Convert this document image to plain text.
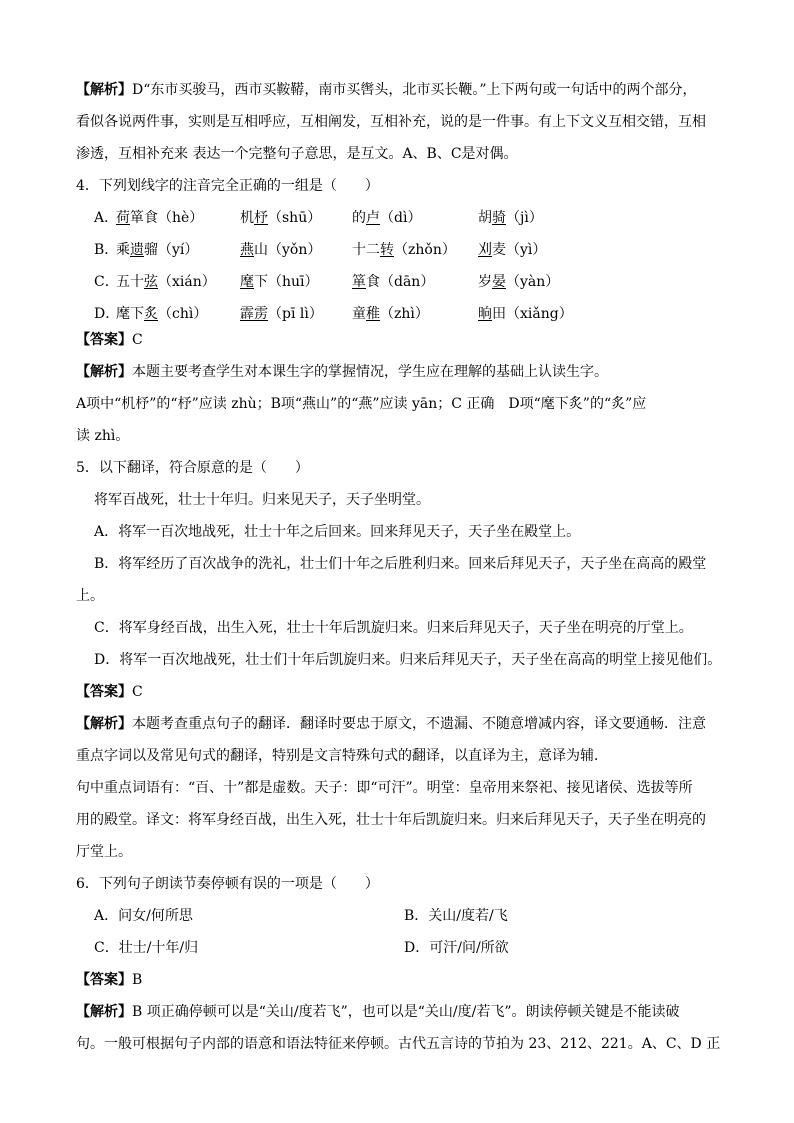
【解析】D“东市买骏马，西市买鞍鞯，南市买辔头，北市买长鞭。”上下两句或一句话中的两个部分，
看似各说两件事，实则是互相呼应，互相阐发，互相补充，说的是一件事。有上下文义互相交错，互相
渗透，互相补充来 表达一个完整句子意思，是互文。A、B、C是对偶。
4．下列划线字的注音完全正确的一组是（　　）
A．
荷箪食（hè）	机杼（shū） 的卢（dì）	胡骑（jì）
B．
乘遗骝（yí）	燕山（yǒn） 十二转（zhǒn） 刈麦（yì）
C．
五十弦（xián） 麾下（huī） 箪食（dān）	岁晏（yàn）
D．
麾下炙（chì） 霹雳（pī lì） 童稚（zhì）	晌田（xiǎng）
【答案】C
【解析】本题主要考查学生对本课生字的掌握情况，学生应在理解的基础上认读生字。
A项中“机杼”的“杼”应读 zhù；B项“燕山”的“燕”应读 yān；C 正确　D项“麾下炙”的“炙”应
读 zhì。
5．以下翻译，符合原意的是（　　）
将军百战死，壮士十年归。归来见天子，天子坐明堂。
A．将军一百次地战死，壮士十年之后回来。回来拜见天子，天子坐在殿堂上。
B．将军经历了百次战争的洗礼，壮士们十年之后胜利归来。回来后拜见天子，天子坐在高高的殿堂
上。
C．将军身经百战，出生入死，壮士十年后凯旋归来。归来后拜见天子，天子坐在明亮的厅堂上。
D．将军一百次地战死，壮士们十年后凯旋归来。归来后拜见天子，天子坐在高高的明堂上接见他们。
【答案】C
【解析】本题考查重点句子的翻译．翻译时要忠于原文，不遗漏、不随意增减内容，译文要通畅．注意
重点字词以及常见句式的翻译，特别是文言特殊句式的翻译，以直译为主，意译为辅．
句中重点词语有：“百、十”都是虚数。天子：即“可汗”。明堂：皇帝用来祭祀、接见诸侯、选拔等所
用的殿堂。译文：将军身经百战，出生入死，壮士十年后凯旋归来。归来后拜见天子，天子坐在明亮的
厅堂上。
6．下列句子朗读节奏停顿有误的一项是（　　）
A．问女/何所思	B．关山/度若/飞
C．壮士/十年/归	D．可汗/问/所欲
【答案】B
【解析】B 项正确停顿可以是“关山/度若飞”，也可以是“关山/度/若飞”。朗读停顿关键是不能读破
句。一般可根据句子内部的语意和语法特征来停顿。古代五言诗的节拍为 23、212、221。A、C、D 正
